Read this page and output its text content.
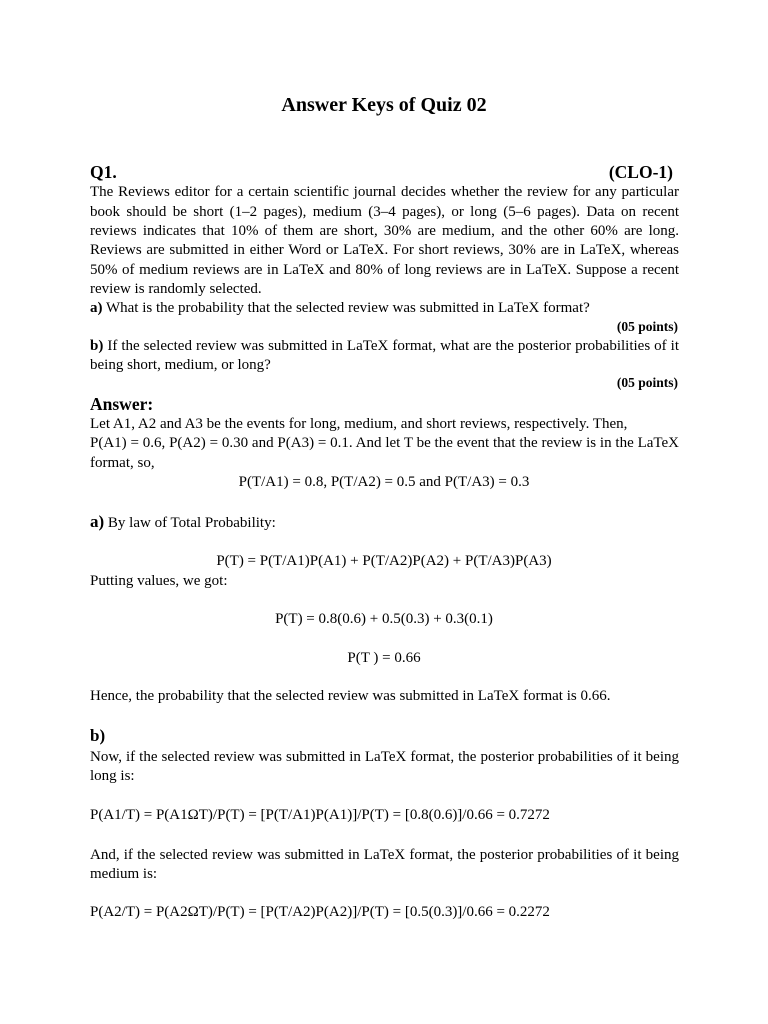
Answer Keys of Quiz 02
Q1.	(CLO-1)
The Reviews editor for a certain scientific journal decides whether the review for any particular
book should be short (1–2 pages), medium (3–4 pages), or long (5–6 pages). Data on recent
reviews indicates that 10% of them are short, 30% are medium, and the other 60% are long.
Reviews are submitted in either Word or LaTeX. For short reviews, 30% are in LaTeX, whereas
50% of medium reviews are in LaTeX and 80% of long reviews are in LaTeX. Suppose a recent
review is randomly selected.
a) What is the probability that the selected review was submitted in LaTeX format?
(05 points)
b) If the selected review was submitted in LaTeX format, what are the posterior probabilities of it
being short, medium, or long?
(05 points)
Answer:
Let A1, A2 and A3 be the events for long, medium, and short reviews, respectively. Then,
P(A1) = 0.6, P(A2) = 0.30 and P(A3) = 0.1. And let T be the event that the review is in the LaTeX
format, so,
P(T/A1) = 0.8, P(T/A2) = 0.5 and P(T/A3) = 0.3
a) By law of Total Probability:
P(T) = P(T/A1)P(A1) + P(T/A2)P(A2) + P(T/A3)P(A3)
Putting values, we got:
P(T) = 0.8(0.6) + 0.5(0.3) + 0.3(0.1)
P(T ) = 0.66
Hence, the probability that the selected review was submitted in LaTeX format is 0.66.
b)
Now, if the selected review was submitted in LaTeX format, the posterior probabilities of it being
long is:
P(A1/T) = P(A1ΩT)/P(T) = [P(T/A1)P(A1)]/P(T) = [0.8(0.6)]/0.66 = 0.7272
And, if the selected review was submitted in LaTeX format, the posterior probabilities of it being
medium is:
P(A2/T) = P(A2ΩT)/P(T) = [P(T/A2)P(A2)]/P(T) = [0.5(0.3)]/0.66 = 0.2272
